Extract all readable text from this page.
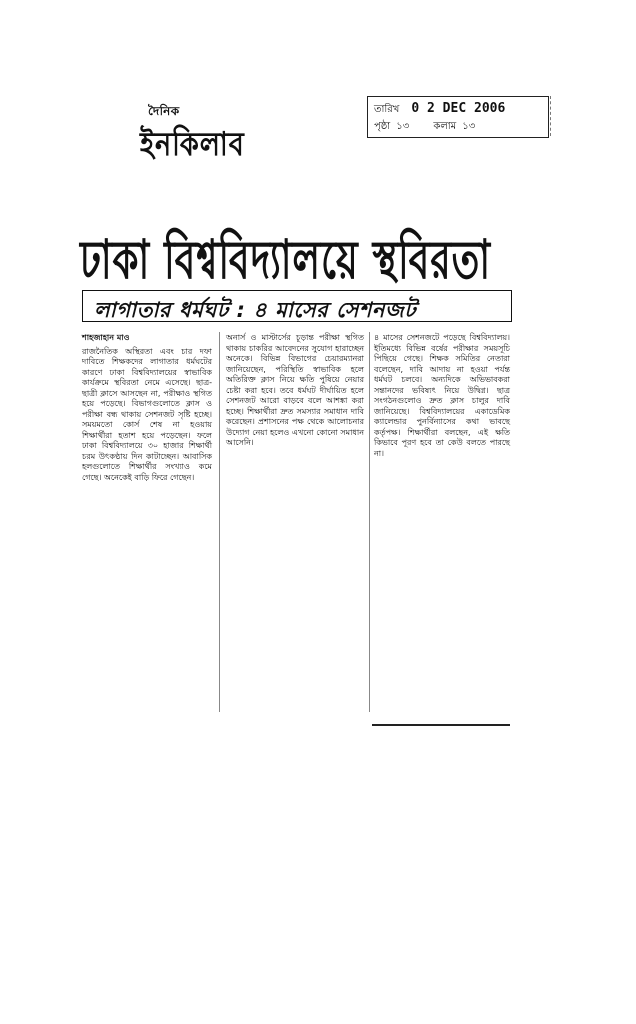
দৈনিক
ইনকিলাব
তারিখ 0 2 DEC 2006
পৃষ্ঠা ১৩ কলাম ১৩
ঢাকা বিশ্ববিদ্যালয়ে স্থবিরতা
লাগাতার ধর্মঘট : ৪ মাসের সেশনজট
শাহজাহান মাও
রাজনৈতিক অস্থিরতা এবং চার দফা দাবিতে শিক্ষকদের লাগাতার ধর্মঘটের কারণে ঢাকা বিশ্ববিদ্যালয়ের স্বাভাবিক কার্যক্রমে স্থবিরতা নেমে এসেছে। ছাত্র-ছাত্রী ক্লাসে আসছেন না, পরীক্ষাও স্থগিত হয়ে পড়েছে। বিভাগগুলোতে ক্লাস ও পরীক্ষা বন্ধ থাকায় সেশনজট সৃষ্টি হচ্ছে। সময়মতো কোর্স শেষ না হওয়ায় শিক্ষার্থীরা হতাশ হয়ে পড়েছেন। ফলে ঢাকা বিশ্ববিদ্যালয়ে ৩০ হাজার শিক্ষার্থী চরম উৎকণ্ঠায় দিন কাটাচ্ছেন। আবাসিক হলগুলোতে শিক্ষার্থীর সংখ্যাও কমে গেছে। অনেকেই বাড়ি ফিরে গেছেন।
অনার্স ও মাস্টার্সের চূড়ান্ত পরীক্ষা স্থগিত থাকায় চাকরির আবেদনের সুযোগ হারাচ্ছেন অনেকে। বিভিন্ন বিভাগের চেয়ারম্যানরা জানিয়েছেন, পরিস্থিতি স্বাভাবিক হলে অতিরিক্ত ক্লাস নিয়ে ক্ষতি পুষিয়ে নেয়ার চেষ্টা করা হবে। তবে ধর্মঘট দীর্ঘায়িত হলে সেশনজট আরো বাড়বে বলে আশঙ্কা করা হচ্ছে। শিক্ষার্থীরা দ্রুত সমস্যার সমাধান দাবি করেছেন। প্রশাসনের পক্ষ থেকে আলোচনার উদ্যোগ নেয়া হলেও এখনো কোনো সমাধান আসেনি।
৪ মাসের সেশনজটে পড়েছে বিশ্ববিদ্যালয়। ইতিমধ্যে বিভিন্ন বর্ষের পরীক্ষার সময়সূচি পিছিয়ে গেছে। শিক্ষক সমিতির নেতারা বলেছেন, দাবি আদায় না হওয়া পর্যন্ত ধর্মঘট চলবে। অন্যদিকে অভিভাবকরা সন্তানদের ভবিষ্যৎ নিয়ে উদ্বিগ্ন। ছাত্র সংগঠনগুলোও দ্রুত ক্লাস চালুর দাবি জানিয়েছে। বিশ্ববিদ্যালয়ের একাডেমিক ক্যালেন্ডার পুনর্বিন্যাসের কথা ভাবছে কর্তৃপক্ষ। শিক্ষার্থীরা বলছেন, এই ক্ষতি কিভাবে পূরণ হবে তা কেউ বলতে পারছে না।
